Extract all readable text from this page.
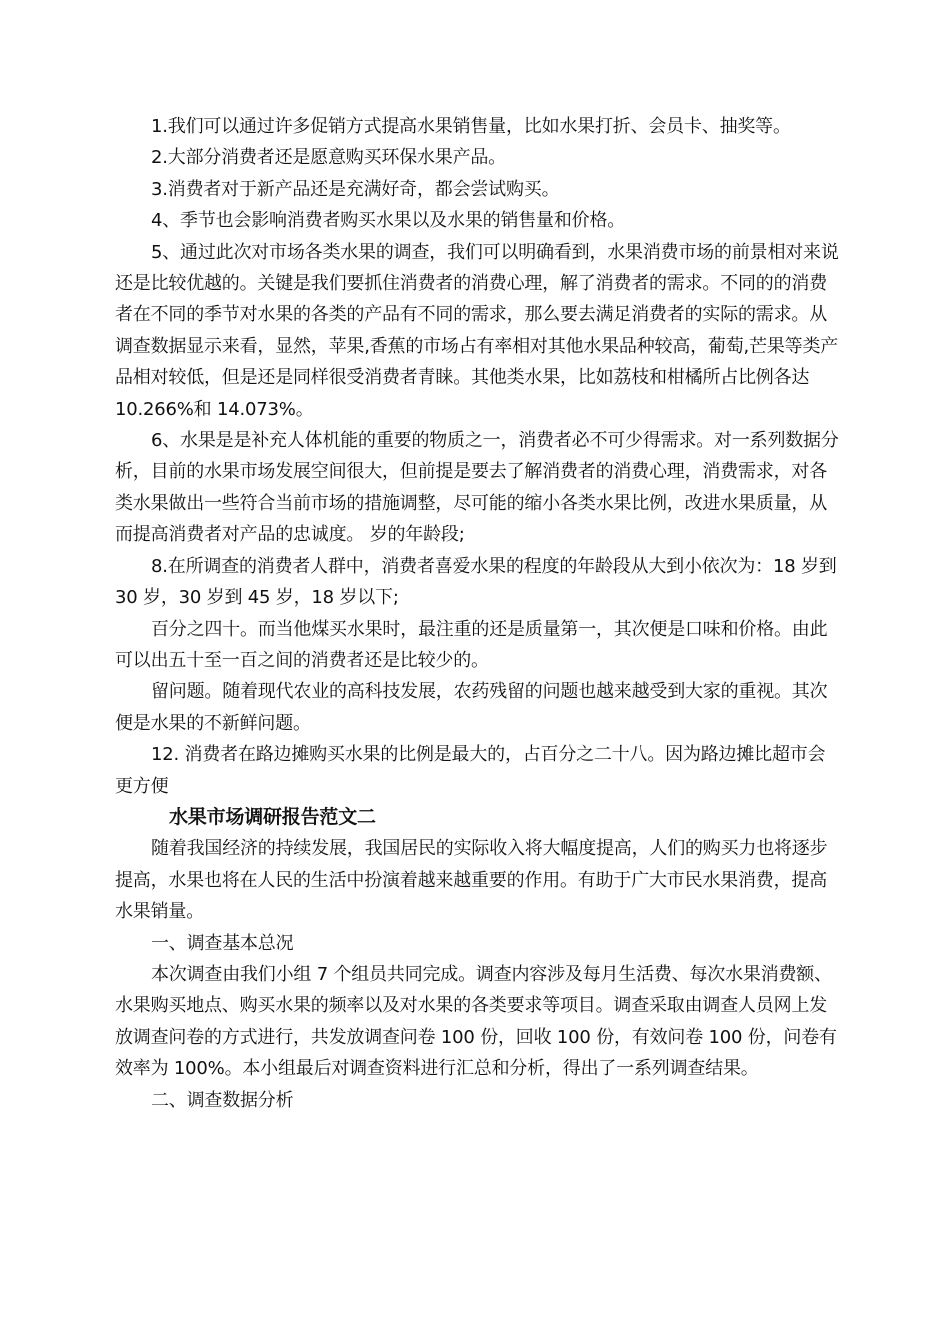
1.我们可以通过许多促销方式提高水果销售量，比如水果打折、会员卡、抽奖等。

2.大部分消费者还是愿意购买环保水果产品。

3.消费者对于新产品还是充满好奇，都会尝试购买。

4、季节也会影响消费者购买水果以及水果的销售量和价格。

5、通过此次对市场各类水果的调查，我们可以明确看到，水果消费市场的前景相对来说还是比较优越的。关键是我们要抓住消费者的消费心理，解了消费者的需求。不同的的消费者在不同的季节对水果的各类的产品有不同的需求，那么要去满足消费者的实际的需求。从调查数据显示来看，显然，苹果,香蕉的市场占有率相对其他水果品种较高，葡萄,芒果等类产品相对较低，但是还是同样很受消费者青睐。其他类水果，比如荔枝和柑橘所占比例各达 10.266%和 14.073%。

6、水果是是补充人体机能的重要的物质之一，消费者必不可少得需求。对一系列数据分析，目前的水果市场发展空间很大，但前提是要去了解消费者的消费心理，消费需求，对各类水果做出一些符合当前市场的措施调整，尽可能的缩小各类水果比例，改进水果质量，从而提高消费者对产品的忠诚度。 岁的年龄段;

8.在所调查的消费者人群中，消费者喜爱水果的程度的年龄段从大到小依次为：18 岁到 30 岁，30 岁到 45 岁，18 岁以下;

百分之四十。而当他煤买水果时，最注重的还是质量第一，其次便是口味和价格。由此可以出五十至一百之间的消费者还是比较少的。

留问题。随着现代农业的高科技发展，农药残留的问题也越来越受到大家的重视。其次便是水果的不新鲜问题。

12. 消费者在路边摊购买水果的比例是最大的，占百分之二十八。因为路边摊比超市会更方便

水果市场调研报告范文二

随着我国经济的持续发展，我国居民的实际收入将大幅度提高，人们的购买力也将逐步提高，水果也将在人民的生活中扮演着越来越重要的作用。有助于广大市民水果消费，提高水果销量。

一、调查基本总况

本次调查由我们小组 7 个组员共同完成。调查内容涉及每月生活费、每次水果消费额、水果购买地点、购买水果的频率以及对水果的各类要求等项目。调查采取由调查人员网上发放调查问卷的方式进行，共发放调查问卷 100 份，回收 100 份，有效问卷 100 份，问卷有效率为 100%。本小组最后对调查资料进行汇总和分析，得出了一系列调查结果。

二、调查数据分析
